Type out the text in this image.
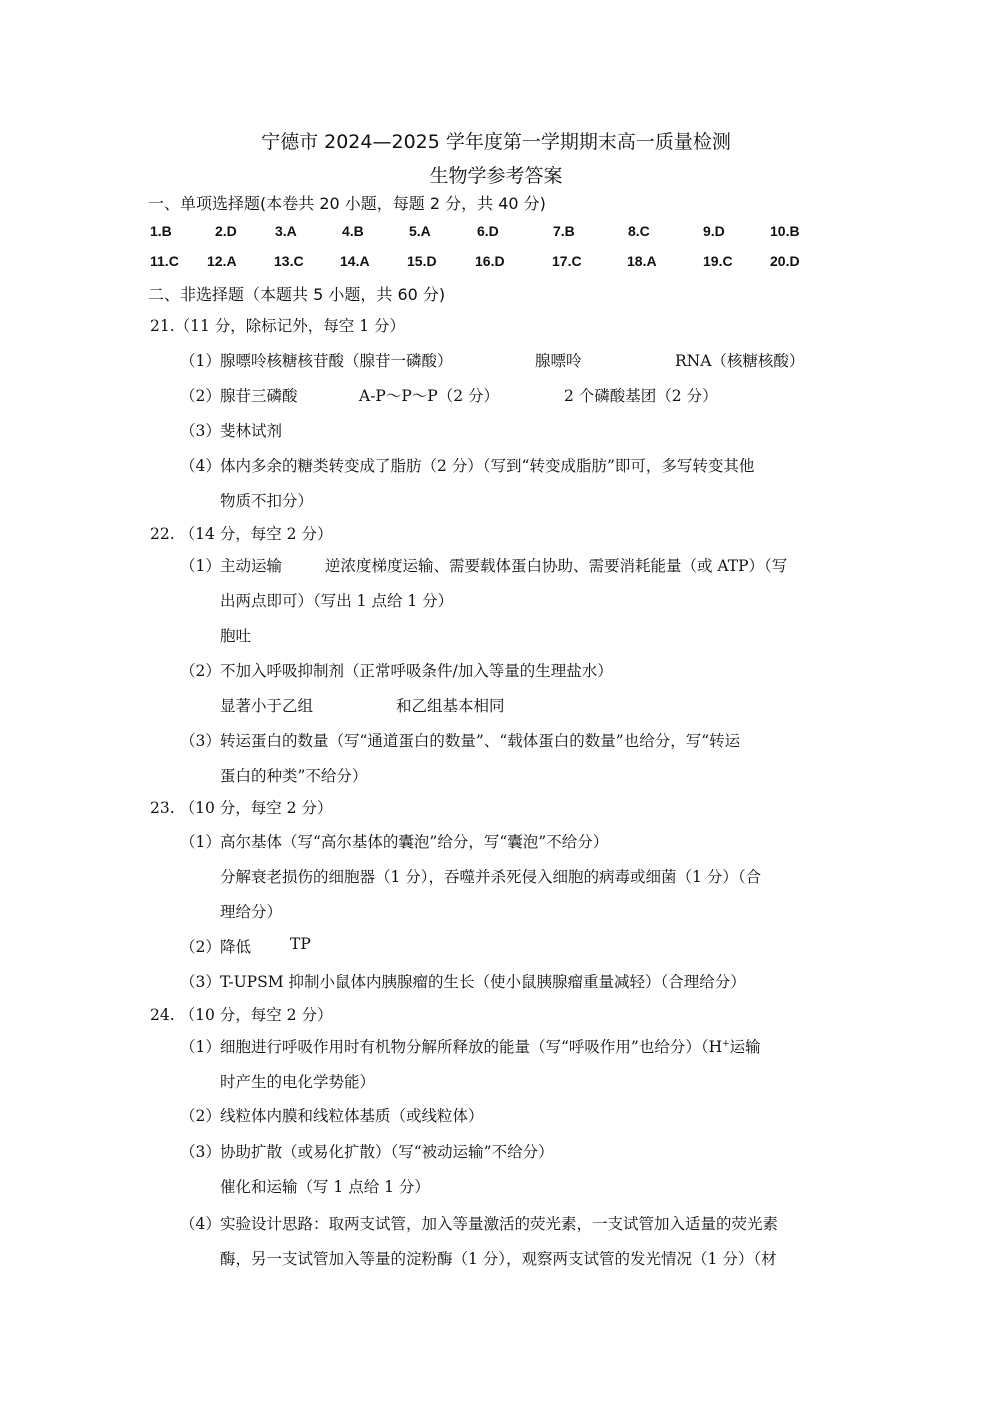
宁德市 2024—2025 学年度第一学期期末高一质量检测
生物学参考答案
一、单项选择题(本卷共 20 小题，每题 2 分，共 40 分)
1.B	2.D	3.A	4.B	5.A	6.D	7.B	8.C	9.D	10.B
11.C 12.A	13.C	14.A	15.D	16.D	17.C	18.A	19.C	20.D
二、非选择题（本题共 5 小题，共 60 分)
21.（11 分，除标记外，每空 1 分）
（1） 腺嘌呤核糖核苷酸（腺苷一磷酸）	腺嘌呤	RNA（核糖核酸）
（2） 腺苷三磷酸	A-P～P～P（2 分）	2 个磷酸基团（2 分）
（3） 斐林试剂
（4） 体内多余的糖类转变成了脂肪（2 分）（写到“转变成脂肪”即可，多写转变其他
物质不扣分）
22. （14 分，每空 2 分）
（1） 主动运输	逆浓度梯度运输、需要载体蛋白协助、需要消耗能量（或 ATP）（写
出两点即可）（写出 1 点给 1 分）
胞吐
（2） 不加入呼吸抑制剂（正常呼吸条件/加入等量的生理盐水）
显著小于乙组	和乙组基本相同
（3） 转运蛋白的数量（写“通道蛋白的数量”、“载体蛋白的数量”也给分，写“转运
蛋白的种类”不给分）
23. （10 分，每空 2 分）
（1） 高尔基体（写“高尔基体的囊泡”给分，写“囊泡”不给分）
分解衰老损伤的细胞器（1 分），吞噬并杀死侵入细胞的病毒或细菌（1 分）（合
理给分）
（2） 降低	TP
（3） T-UPSM 抑制小鼠体内胰腺瘤的生长（使小鼠胰腺瘤重量减轻）（合理给分）
24. （10 分，每空 2 分）
（1） 细胞进行呼吸作用时有机物分解所释放的能量（写“呼吸作用”也给分）（H+运输
时产生的电化学势能）
（2） 线粒体内膜和线粒体基质（或线粒体）
（3） 协助扩散（或易化扩散）（写“被动运输”不给分）
催化和运输（写 1 点给 1 分）
（4） 实验设计思路：取两支试管，加入等量激活的荧光素，一支试管加入适量的荧光素
酶，另一支试管加入等量的淀粉酶（1 分），观察两支试管的发光情况（1 分）（材
